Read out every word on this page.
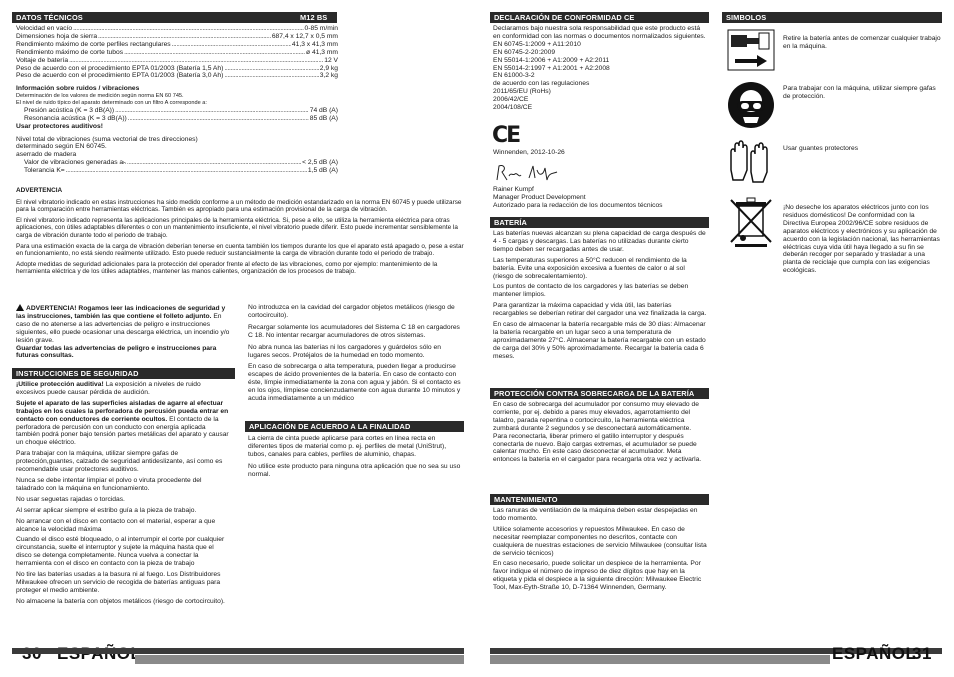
DATOS TÉCNICOS	M12 BS
Velocidad en vacío .....	0-85 m/min
Dimensiones hoja de sierra .....	687,4 x 12,7 x 0,5 mm
Rendimiento máximo de corte perfiles rectangulares .....	41,3 x 41,3 mm
Rendimiento máximo de corte tubos .....	ø 41,3 mm
Voltaje de batería .....	12 V
Peso de acuerdo con el procedimiento EPTA 01/2003 (Batería 1,5 Ah) .....	2,9 kg
Peso de acuerdo con el procedimiento EPTA 01/2003 (Batería 3,0 Ah) .....	3,2 kg

Información sobre ruidos / vibraciones

Determinación de los valores de medición según norma EN 60 745.

El nivel de ruido típico del aparato determinado con un filtro A corresponde a:

Presión acústica (K = 3 dB(A)) .....	74 dB (A)
Resonancia acústica (K = 3 dB(A)) .....	85 dB (A)

Usar protectores auditivos!

Nivel total de vibraciones (suma vectorial de tres direcciones)

determinado según EN 60745.

aserrado de madera

Valor de vibraciones generadas aₕ .....	< 2,5 dB (A)
Tolerancia K= .....	1,5 dB (A)

ADVERTENCIA

El nivel vibratorio indicado en estas instrucciones ha sido medido conforme a un método de medición estandarizado en la norma EN 60745 y puede utilizarse para la comparación entre herramientas eléctricas. También es apropiado para una estimación provisional de la carga de vibración.

El nivel vibratorio indicado representa las aplicaciones principales de la herramienta eléctrica. Si, pese a ello, se utiliza la herramienta eléctrica para otras aplicaciones, con útiles adaptables diferentes o con un mantenimiento insuficiente, el nivel vibratorio puede diferir. Esto puede incrementar sensiblemente la carga de vibración durante todo el periodo de trabajo.

Para una estimación exacta de la carga de vibración deberían tenerse en cuenta también los tiempos durante los que el aparato está apagado o, pese a estar en funcionamiento, no está siendo realmente utilizado. Esto puede reducir sustancialmente la carga de vibración durante todo el periodo de trabajo.

Adopte medidas de seguridad adicionales para la protección del operador frente al efecto de las vibraciones, como por ejemplo: mantenimiento de la herramienta eléctrica y de los útiles adaptables, mantener las manos calientes, organización de los procesos de trabajo.

ADVERTENCIA! Rogamos leer las indicaciones de seguridad y las instrucciones, también las que contiene el folleto adjunto. En caso de no atenerse a las advertencias de peligro e instrucciones siguientes, ello puede ocasionar una descarga eléctrica, un incendio y/o lesión grave.

Guardar todas las advertencias de peligro e instrucciones para futuras consultas.

INSTRUCCIONES DE SEGURIDAD

¡Utilice protección auditiva! La exposición a niveles de ruido excesivos puede causar pérdida de audición.

Sujete el aparato de las superficies aisladas de agarre al efectuar trabajos en los cuales la perforadora de percusión pueda entrar en contacto con conductores de corriente ocultos. El contacto de la perforadora de percusión con un conducto con energía aplicada también podrá poner bajo tensión partes metálicas del aparato y causar un choque eléctrico.

Para trabajar con la máquina, utilizar siempre gafas de protección,guantes, calzado de seguridad antideslizante, así como es recomendable usar protectores auditivos.

Nunca se debe intentar limpiar el polvo o viruta procedente del taladrado con la máquina en funcionamiento.

No usar seguetas rajadas o torcidas.

Al serrar aplicar siempre el estribo guía a la pieza de trabajo.

No arrancar con el disco en contacto con el material, esperar a que alcance la velocidad máxima

Cuando el disco esté bloqueado, o al interrumpir el corte por cualquier circunstancia, suelte el interruptor y sujete la máquina hasta que el disco se detenga completamente. Nunca vuelva a conectar la herramienta con el disco en contacto con la pieza de trabajo

No tire las baterías usadas a la basura ni al fuego. Los Distribuidores Milwaukee ofrecen un servicio de recogida de baterías antiguas para proteger el medio ambiente.

No almacene la batería con objetos metálicos (riesgo de cortocircuito).

No introduzca en la cavidad del cargador objetos metálicos (riesgo de cortocircuito).

Recargar solamente los acumuladores del Sistema C 18 en cargadores C 18. No intentar recargar acumuladores de otros sistemas.

No abra nunca las baterías ni los cargadores y guárdelos sólo en lugares secos. Protéjalos de la humedad en todo momento.

En caso de sobrecarga o alta temperatura, pueden llegar a producirse escapes de ácido provenientes de la batería. En caso de contacto con éste, límpie inmediatamente la zona con agua y jabón. Si el contacto es en los ojos, límpiese concienzudamente con agua durante 10 minutos y acuda inmediatamente a un médico

APLICACIÓN DE ACUERDO A LA FINALIDAD

La cierra de cinta puede aplicarse para cortes en línea recta en diferentes tipos de material como p. ej. perfiles de metal (UniStrut), tubos, canales para cables, perfiles de aluminio, chapas.

No utilice este producto para ninguna otra aplicación que no sea su uso normal.

DECLARACIÓN DE CONFORMIDAD CE

Declaramos bajo nuestra sola responsabilidad que este producto está en conformidad con las normas o documentos normalizados siguientes.

EN 60745-1:2009 + A11:2010

EN 60745-2-20:2009

EN 55014-1:2006 + A1:2009 + A2:2011

EN 55014-2:1997 + A1:2001 + A2:2008

EN 61000-3-2

de acuerdo con las regulaciones

2011/65/EU (RoHs)

2006/42/CE

2004/108/CE

CE
Winnenden, 2012-10-26

Rainer Kumpf

Manager Product Development

Autorizado para la redacción de los documentos técnicos

BATERÍA

Las baterías nuevas alcanzan su plena capacidad de carga después de 4 - 5 cargas y descargas. Las baterías no utilizadas durante cierto tiempo deben ser recargadas antes de usar.

Las temperaturas superiores a 50°C reducen el rendimiento de la batería. Evite una exposición excesiva a fuentes de calor o al sol (riesgo de sobrecalentamiento).

Los puntos de contacto de los cargadores y las baterías se deben mantener limpios.

Para garantizar la máxima capacidad y vida útil, las baterías recargables se deberían retirar del cargador una vez finalizada la carga.

En caso de almacenar la batería recargable más de 30 días: Almacenar la batería recargable en un lugar seco a una temperatura de aproximadamente 27°C. Almacenar la batería recargable con un estado de carga del 30% y 50% aproximadamente. Recargar la batería cada 6 meses.

PROTECCIÓN CONTRA SOBRECARGA DE LA BATERÍA

En caso de sobrecarga del acumulador por consumo muy elevado de corriente, por ej. debido a pares muy elevados, agarrotamiento del taladro, parada repentina o cortocircuito, la herramienta eléctrica zumbará durante 2 segundos y se desconectará automáticamente. Para reconectarla, liberar primero el gatillo interruptor y después conectarla de nuevo. Bajo cargas extremas, el acumulador se puede calentar mucho. En este caso desconectar el acumulador. Meta entonces la batería en el cargador para recargarla otra vez y activarla.

MANTENIMIENTO

Las ranuras de ventilación de la máquina deben estar despejadas en todo momento.

Utilice solamente accesorios y repuestos Milwaukee. En caso de necesitar reemplazar componentes no descritos, contacte con cualquiera de nuestras estaciones de servicio Milwaukee (consultar lista de servicio técnicos)

En caso necesario, puede solicitar un despiece de la herramienta. Por favor indique el número de impreso de diez dígitos que hay en la etiqueta y pida el despiece a la siguiente dirección: Milwaukee Electric Tool, Max-Eyth-Straße 10, D-71364 Winnenden, Germany.

SIMBOLOS
Retire la batería antes de comenzar cualquier trabajo en la máquina.
Para trabajar con la máquina, utilizar siempre gafas de protección.
Usar guantes protectores
¡No deseche los aparatos eléctricos junto con los residuos domésticos! De conformidad con la Directiva Europea 2002/96/CE sobre residuos de aparatos eléctricos y electrónicos y su aplicación de acuerdo con la legislación nacional, las herramientas eléctricas cuya vida útil haya llegado a su fin se deberán recoger por separado y trasladar a una planta de reciclaje que cumpla con las exigencias ecológicas.
ESPAÑOL
31
